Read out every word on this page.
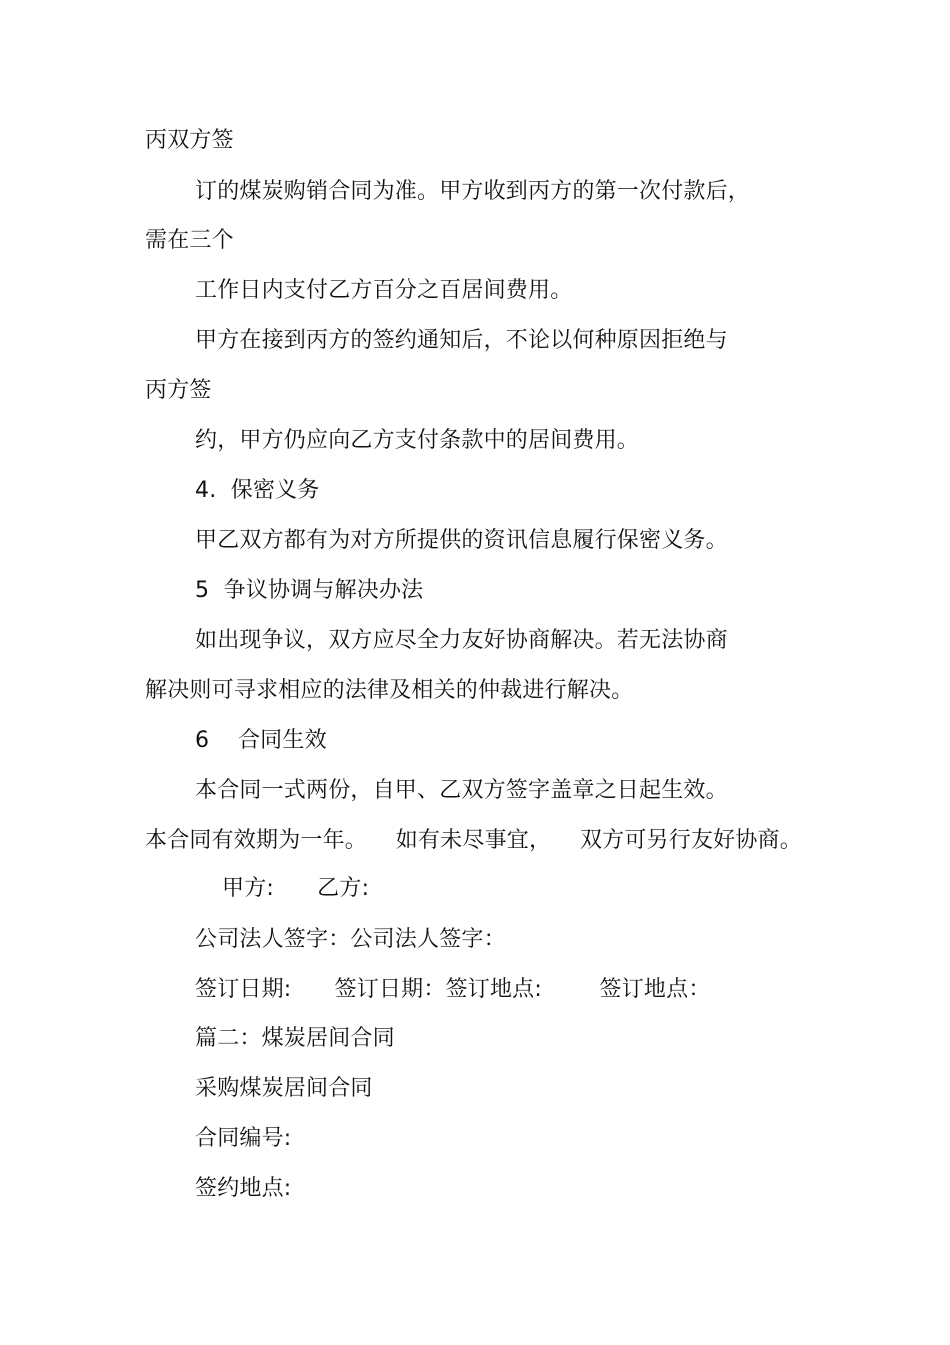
丙双方签
订的煤炭购销合同为准。甲方收到丙方的第一次付款后，
需在三个
工作日内支付乙方百分之百居间费用。
甲方在接到丙方的签约通知后，不论以何种原因拒绝与
丙方签
约，甲方仍应向乙方支付条款中的居间费用。
4.  保密义务
甲乙双方都有为对方所提供的资讯信息履行保密义务。
5  争议协调与解决办法
如出现争议，双方应尽全力友好协商解决。若无法协商
解决则可寻求相应的法律及相关的仲裁进行解决。
6    合同生效
本合同一式两份，自甲、乙双方签字盖章之日起生效。
本合同有效期为一年。    如有未尽事宜，    双方可另行友好协商。
甲方:      乙方:
公司法人签字：公司法人签字：
签订日期:      签订日期：签订地点:        签订地点：
篇二：煤炭居间合同
采购煤炭居间合同
合同编号:
签约地点:
